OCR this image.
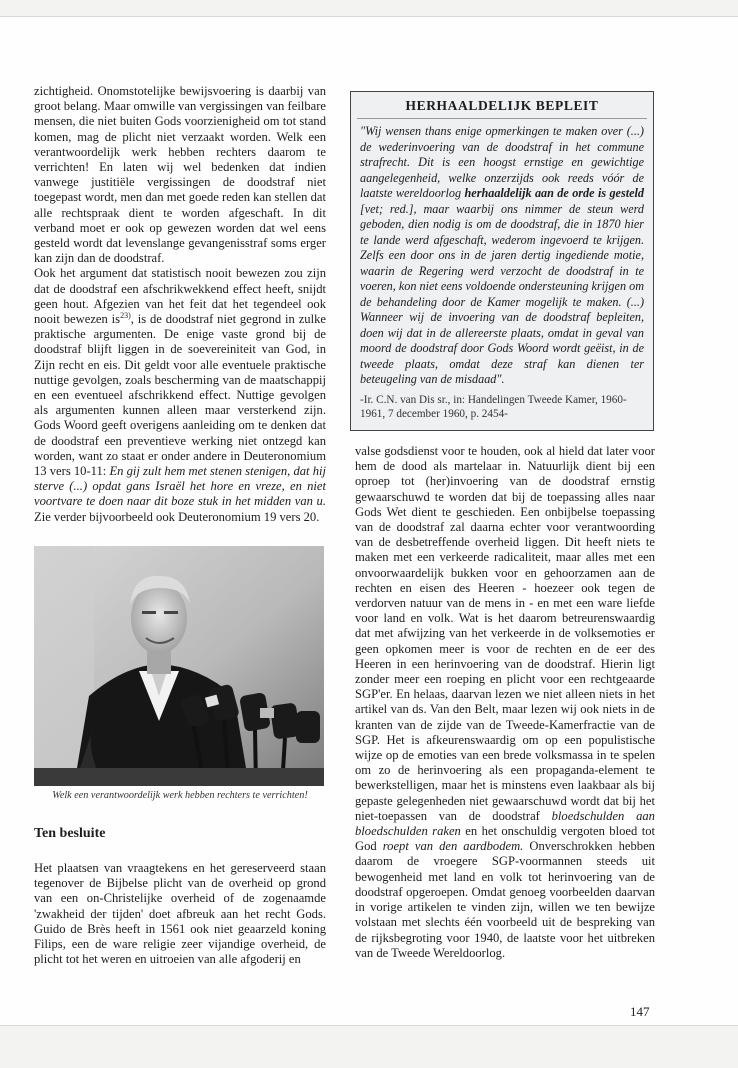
zichtigheid. Onomstotelijke bewijsvoering is daarbij van groot belang. Maar omwille van vergissingen van feilbare mensen, die niet buiten Gods voorzienigheid om tot stand komen, mag de plicht niet verzaakt worden. Welk een verantwoordelijk werk hebben rechters daarom te verrichten! En laten wij wel bedenken dat indien vanwege justitiële vergissingen de doodstraf niet toegepast wordt, men dan met goede reden kan stellen dat alle rechtspraak dient te worden afgeschaft. In dit verband moet er ook op gewezen worden dat wel eens gesteld wordt dat levenslange gevangenisstraf soms erger kan zijn dan de doodstraf.

Ook het argument dat statistisch nooit bewezen zou zijn dat de doodstraf een afschrikwekkend effect heeft, snijdt geen hout. Afgezien van het feit dat het tegendeel ook nooit bewezen $is^{23)}$, is de doodstraf niet gegrond in zulke praktische argumenten. De enige vaste grond bij de doodstraf blijft liggen in de soevereiniteit van God, in Zijn recht en eis. Dit geldt voor alle eventuele praktische nuttige gevolgen, zoals bescherming van de maatschappij en een eventueel afschrikkend effect. Nuttige gevolgen als argumenten kunnen alleen maar versterkend zijn. Gods Woord geeft overigens aanleiding om te denken dat de doodstraf een preventieve werking niet ontzegd kan worden, want zo staat er onder andere in Deuteronomium 13 vers 10-11: En gij zult hem met stenen stenigen, dat hij sterve (...) opdat gans Israël het hore en vreze, en niet voortvare te doen naar dit boze stuk in het midden van u. Zie verder bijvoorbeeld ook Deuteronomium 19 vers 20.

HERHAALDELIJK BEPLEIT
"Wij wensen thans enige opmerkingen te maken over (...) de wederinvoering van de doodstraf in het commune strafrecht. Dit is een hoogst ernstige en gewichtige aangelegenheid, welke onzerzijds ook reeds vóór de laatste wereldoorlog herhaaldelijk aan de orde is gesteld [vet; red.], maar waarbij ons nimmer de steun werd geboden, dien nodig is om de doodstraf, die in 1870 hier te lande werd afgeschaft, wederom ingevoerd te krijgen. Zelfs een door ons in de jaren dertig ingediende motie, waarin de Regering werd verzocht de doodstraf in te voeren, kon niet eens voldoende ondersteuning krijgen om de behandeling door de Kamer mogelijk te maken. (...) Wanneer wij de invoering van de doodstraf bepleiten, doen wij dat in de allereerste plaats, omdat in geval van moord de doodstraf door Gods Woord wordt geëist, in de tweede plaats, omdat deze straf kan dienen ter beteugeling van de misdaad".
-Ir. C.N. van Dis sr., in: Handelingen Tweede Kamer, 1960-1961, 7 december 1960, p. 2454-
Welk een verantwoordelijk werk hebben rechters te verrichten!
Ten besluite

Het plaatsen van vraagtekens en het gereserveerd staan tegenover de Bijbelse plicht van de overheid op grond van een on-Christelijke overheid of de zogenaamde 'zwakheid der tijden' doet afbreuk aan het recht Gods. Guido de Brès heeft in 1561 ook niet geaarzeld koning Filips, een de ware religie zeer vijandige overheid, de plicht tot het weren en uitroeien van alle afgoderij en

valse godsdienst voor te houden, ook al hield dat later voor hem de dood als martelaar in. Natuurlijk dient bij een oproep tot (her)invoering van de doodstraf ernstig gewaarschuwd te worden dat bij de toepassing alles naar Gods Wet dient te geschieden. Een onbijbelse toepassing van de doodstraf zal daarna echter voor verantwoording van de desbetreffende overheid liggen. Dit heeft niets te maken met een verkeerde radicaliteit, maar alles met een onvoorwaardelijk bukken voor en gehoorzamen aan de rechten en eisen des Heeren - hoezeer ook tegen de verdorven natuur van de mens in - en met een ware liefde voor land en volk. Wat is het daarom betreurenswaardig dat met afwijzing van het verkeerde in de volksemoties er geen opkomen meer is voor de rechten en de eer des Heeren in een herinvoering van de doodstraf. Hierin ligt zonder meer een roeping en plicht voor een rechtgeaarde SGP'er. En helaas, daarvan lezen we niet alleen niets in het artikel van ds. Van den Belt, maar lezen wij ook niets in de kranten van de zijde van de Tweede-Kamerfractie van de SGP. Het is afkeurenswaardig om op een populistische wijze op de emoties van een brede volksmassa in te spelen om zo de herinvoering als een propaganda-element te bewerkstelligen, maar het is minstens even laakbaar als bij gepaste gelegenheden niet gewaarschuwd wordt dat bij het niet-toepassen van de doodstraf bloedschulden aan bloedschulden raken en het onschuldig vergoten bloed tot God roept van den aardbodem. Onverschrokken hebben daarom de vroegere SGP-voormannen steeds uit bewogenheid met land en volk tot herinvoering van de doodstraf opgeroepen. Omdat genoeg voorbeelden daarvan in vorige artikelen te vinden zijn, willen we ten bewijze volstaan met slechts één voorbeeld uit de bespreking van de rijksbegroting voor 1940, de laatste voor het uitbreken van de Tweede Wereldoorlog.

147
